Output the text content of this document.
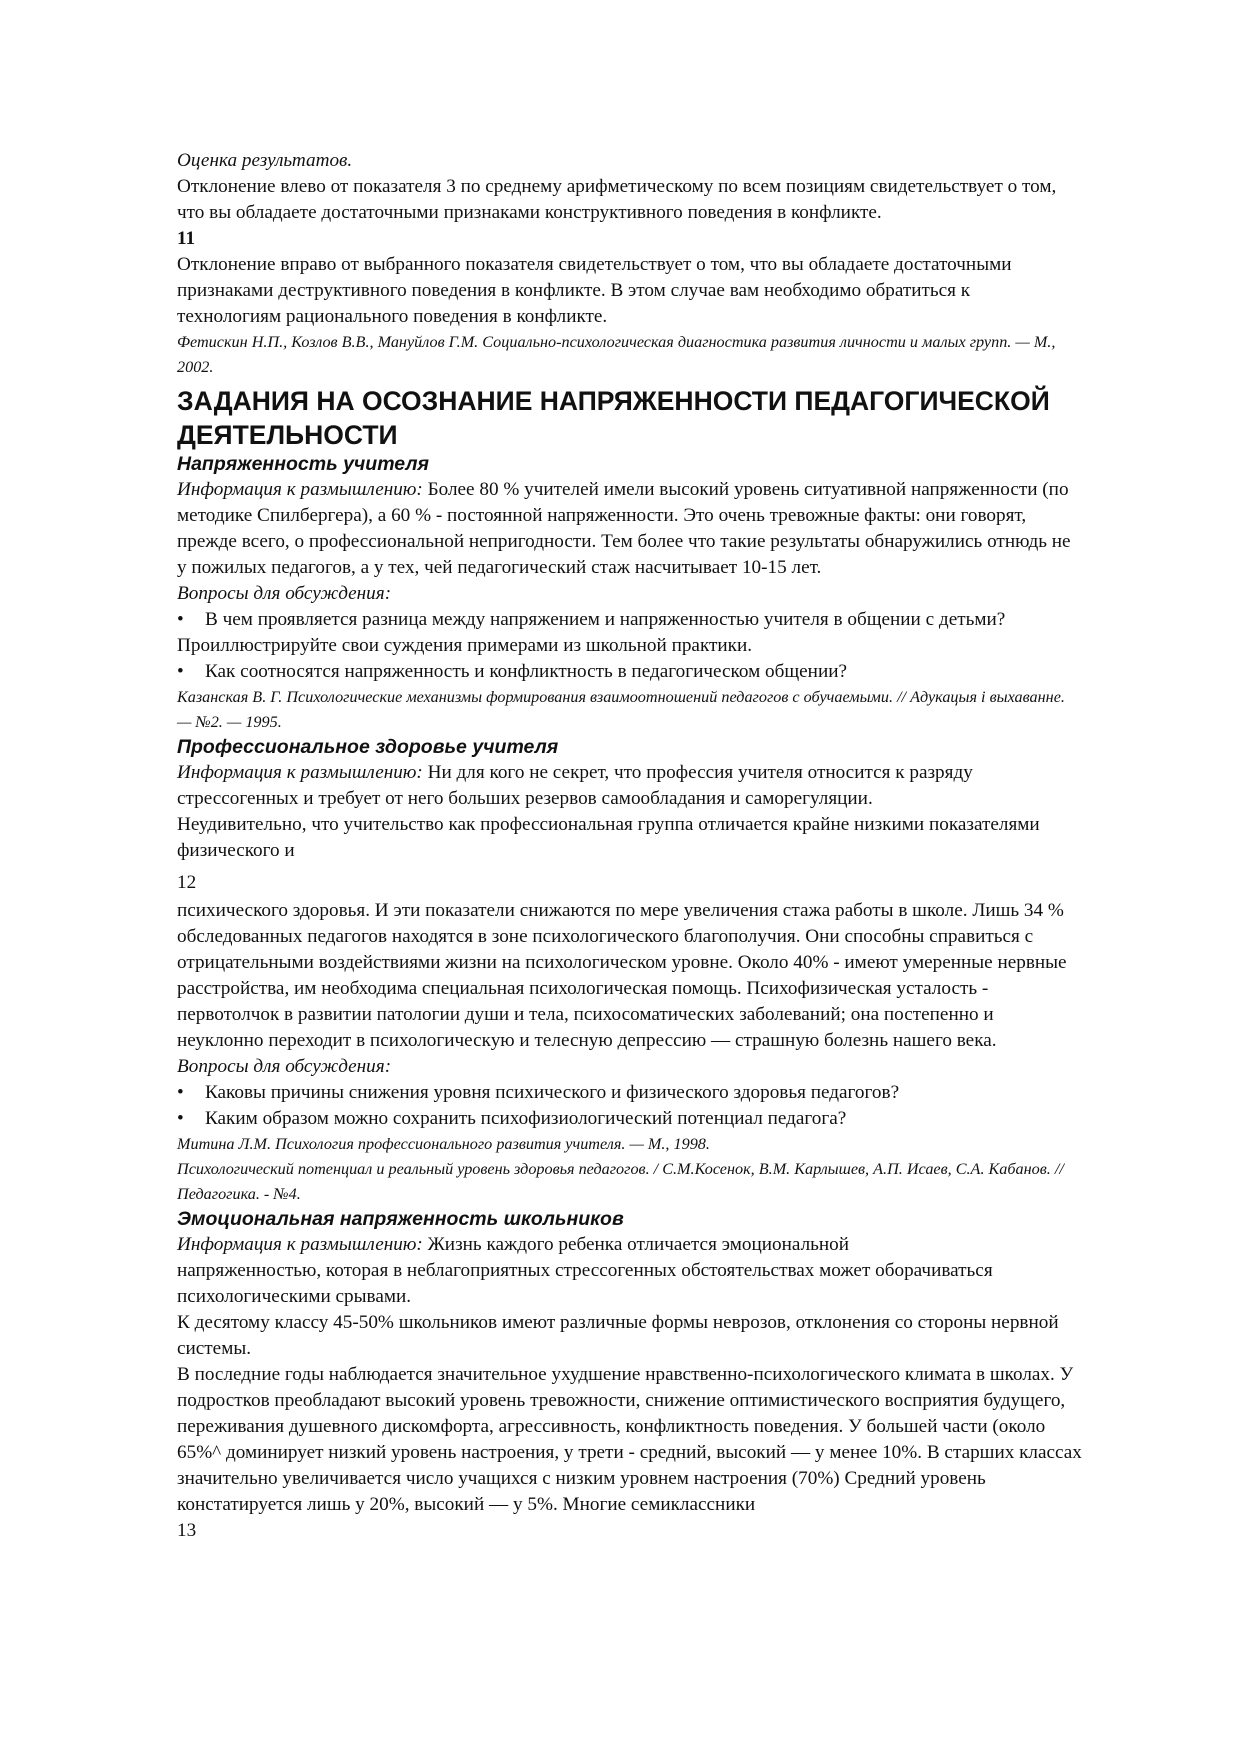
Оценка результатов.

Отклонение влево от показателя 3 по среднему арифметическому по всем позициям свидетельствует о том, что вы обладаете достаточными признаками конструктивного поведения в конфликте.

11

Отклонение вправо от выбранного показателя свидетельствует о том, что вы обладаете достаточными признаками деструктивного поведения в конфликте. В этом случае вам необходимо обратиться к технологиям рационального поведения в конфликте.

Фетискин Н.П., Козлов В.В., Мануйлов Г.М. Социально-психологическая диагностика развития личности и малых групп. — М., 2002.

ЗАДАНИЯ НА ОСОЗНАНИЕ НАПРЯЖЕННОСТИ ПЕДАГОГИЧЕСКОЙ ДЕЯТЕЛЬНОСТИ
Напряженность учителя

Информация к размышлению: Более 80 % учителей имели высокий уровень ситуативной напряженности (по методике Спилбергера), а 60 % - постоянной напряженности. Это очень тревожные факты: они говорят, прежде всего, о профессиональной непригодности. Тем более что такие результаты обнаружились отнюдь не у пожилых педагогов, а у тех, чей педагогический стаж насчитывает 10-15 лет.

Вопросы для обсуждения:

• В чем проявляется разница между напряжением и напряженностью учителя в общении с детьми? Проиллюстрируйте свои суждения примерами из школьной практики.
•	Как соотносятся напряженность и конфликтность в педагогическом общении?

Казанская В. Г. Психологические механизмы формирования взаимоотношений педагогов с обучаемыми. // Адукацыя і выхаванне. — №2. — 1995.

Профессиональное здоровье учителя

Информация к размышлению: Ни для кого не секрет, что профессия учителя относится к разряду стрессогенных и требует от него больших резервов самообладания и саморегуляции.

Неудивительно, что учительство как профессиональная группа отличается крайне низкими показателями физического и

12

психического здоровья. И эти показатели снижаются по мере увеличения стажа работы в школе. Лишь 34 % обследованных педагогов находятся в зоне психологического благополучия. Они способны справиться с отрицательными воздействиями жизни на психологическом уровне. Около 40% - имеют умеренные нервные расстройства, им необходима специальная психологическая помощь. Психофизическая усталость - первотолчок в развитии патологии души и тела, психосоматических заболеваний; она постепенно и неуклонно переходит в психологическую и телесную депрессию — страшную болезнь нашего века.

Вопросы для обсуждения:

•	Каковы причины снижения уровня психического и физического здоровья педагогов?
•	Каким образом можно сохранить психофизиологический потенциал педагога?

Митина Л.М. Психология профессионального развития учителя. — М., 1998.

Психологический потенциал и реальный уровень здоровья педагогов. / С.М.Косенок, В.М. Карлышев, А.П. Исаев, С.А. Кабанов. //Педагогика. - №4.

Эмоциональная напряженность школьников

Информация к размышлению: Жизнь каждого ребенка отличается эмоциональной напряженностью, которая в неблагоприятных стрессогенных обстоятельствах может оборачиваться психологическими срывами.

К десятому классу 45-50% школьников имеют различные формы неврозов, отклонения со стороны нервной системы.

В последние годы наблюдается значительное ухудшение нравственно-психологического климата в школах. У подростков преобладают высокий уровень тревожности, снижение оптимистического восприятия будущего, переживания душевного дискомфорта, агрессивность, конфликтность поведения. У большей части (около 65%^ доминирует низкий уровень настроения, у трети - средний, высокий — у менее 10%. В старших классах значительно увеличивается число учащихся с низким уровнем настроения (70%) Средний уровень констатируется лишь у 20%, высокий — у 5%. Многие семиклассники

13
